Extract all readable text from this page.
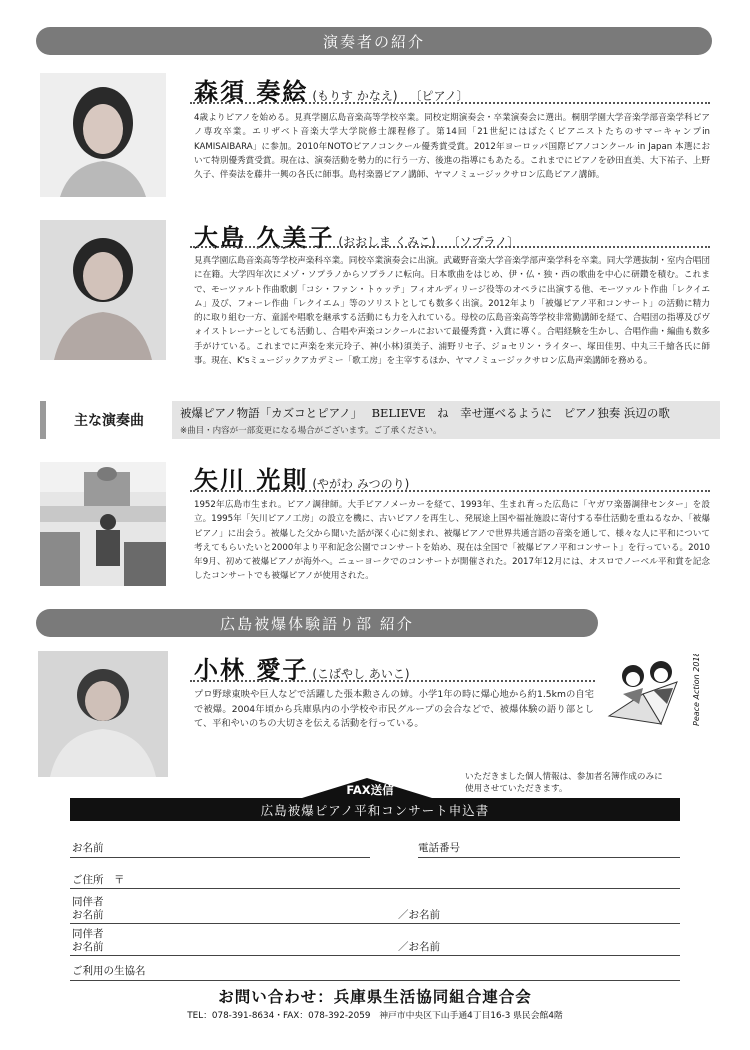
演奏者の紹介
森須 奏絵 (もりす かなえ) 〔ピアノ〕
4歳よりピアノを始める。見真学園広島音楽高等学校卒業。同校定期演奏会・卒業演奏会に選出。桐朋学園大学音楽学部音楽学科ピアノ専攻卒業。エリザベト音楽大学大学院修士課程修了。第14回「21世紀にはばたくピアニストたちのサマーキャンプin KAMISAIBARA」に参加。2010年NOTOピアノコンクール優秀賞受賞。2012年ヨーロッパ国際ピアノコンクール in Japan 本選において特別優秀賞受賞。現在は、演奏活動を勢力的に行う一方、後進の指導にもあたる。これまでにピアノを砂田直美、大下祐子、上野久子、伴奏法を藤井一興の各氏に師事。島村楽器ピアノ講師、ヤマノミュージックサロン広島ピアノ講師。
大島 久美子 (おおしま くみこ) 〔ソプラノ〕
見真学園広島音楽高等学校声楽科卒業。同校卒業演奏会に出演。武蔵野音楽大学音楽学部声楽学科を卒業。同大学選抜制・室内合唱団に在籍。大学四年次にメゾ・ソプラノからソプラノに転向。日本歌曲をはじめ、伊・仏・独・西の歌曲を中心に研鑽を積む。これまで、モーツァルト作曲歌劇「コシ・ファン・トゥッテ」フィオルディリージ役等のオペラに出演する他、モーツァルト作曲「レクイエム」及び、フォーレ作曲「レクイエム」等のソリストとしても数多く出演。2012年より「被爆ピアノ平和コンサート」の活動に精力的に取り組む一方、童謡や唱歌を継承する活動にも力を入れている。母校の広島音楽高等学校非常勤講師を経て、合唱団の指導及びヴォイストレーナーとしても活動し、合唱や声楽コンクールにおいて最優秀賞・入賞に導く。合唱経験を生かし、合唱作曲・編曲も数多手がけている。これまでに声楽を来元玲子、神(小林)須美子、浦野リセ子、ジョセリン・ライター、塚田佳男、中丸三千繪各氏に師事。現在、K'sミュージックアカデミー「歌工房」を主宰するほか、ヤマノミュージックサロン広島声楽講師を務める。
主な演奏曲	被爆ピアノ物語「カズコとピアノ」　 BELIEVE　ね　幸せ運べるように　ピアノ独奏 浜辺の歌
※曲目・内容が一部変更になる場合がございます。ご了承ください。
矢川 光則 (やがわ みつのり)
1952年広島市生まれ。ピアノ調律師。大手ピアノメーカーを経て、1993年、生まれ育った広島に「ヤガワ楽器調律センター」を設立。1995年「矢川ピアノ工房」の設立を機に、古いピアノを再生し、発展途上国や福祉施設に寄付する奉仕活動を重ねるなか、「被爆ピアノ」に出会う。被爆した父から聞いた話が深く心に刻まれ、被爆ピアノで世界共通言語の音楽を通して、様々な人に平和について考えてもらいたいと2000年より平和記念公園でコンサートを始め、現在は全国で「被爆ピアノ平和コンサート」を行っている。2010年9月、初めて被爆ピアノが海外へ。ニューヨークでのコンサートが開催された。2017年12月には、オスロでノーベル平和賞を記念したコンサートでも被爆ピアノが使用された。
広島被爆体験語り部 紹介
小林 愛子 (こばやし あいこ)
プロ野球東映や巨人などで活躍した張本勲さんの姉。小学1年の時に爆心地から約1.5kmの自宅で被爆。2004年頃から兵庫県内の小学校や市民グループの会合などで、被爆体験の語り部として、平和やいのちの大切さを伝える活動を行っている。	Peace Action 2018
FAX送信
いただきました個人情報は、参加者名簿作成のみに
使用させていただきます。
広島被爆ピアノ平和コンサート申込書
お名前	電話番号
ご住所　〒
同伴者
お名前	／お名前
同伴者
お名前	／お名前
ご利用の生協名
お問い合わせ：兵庫県生活協同組合連合会
TEL：078-391-8634・FAX：078-392-2059　神戸市中央区下山手通4丁目16-3 県民会館4階
